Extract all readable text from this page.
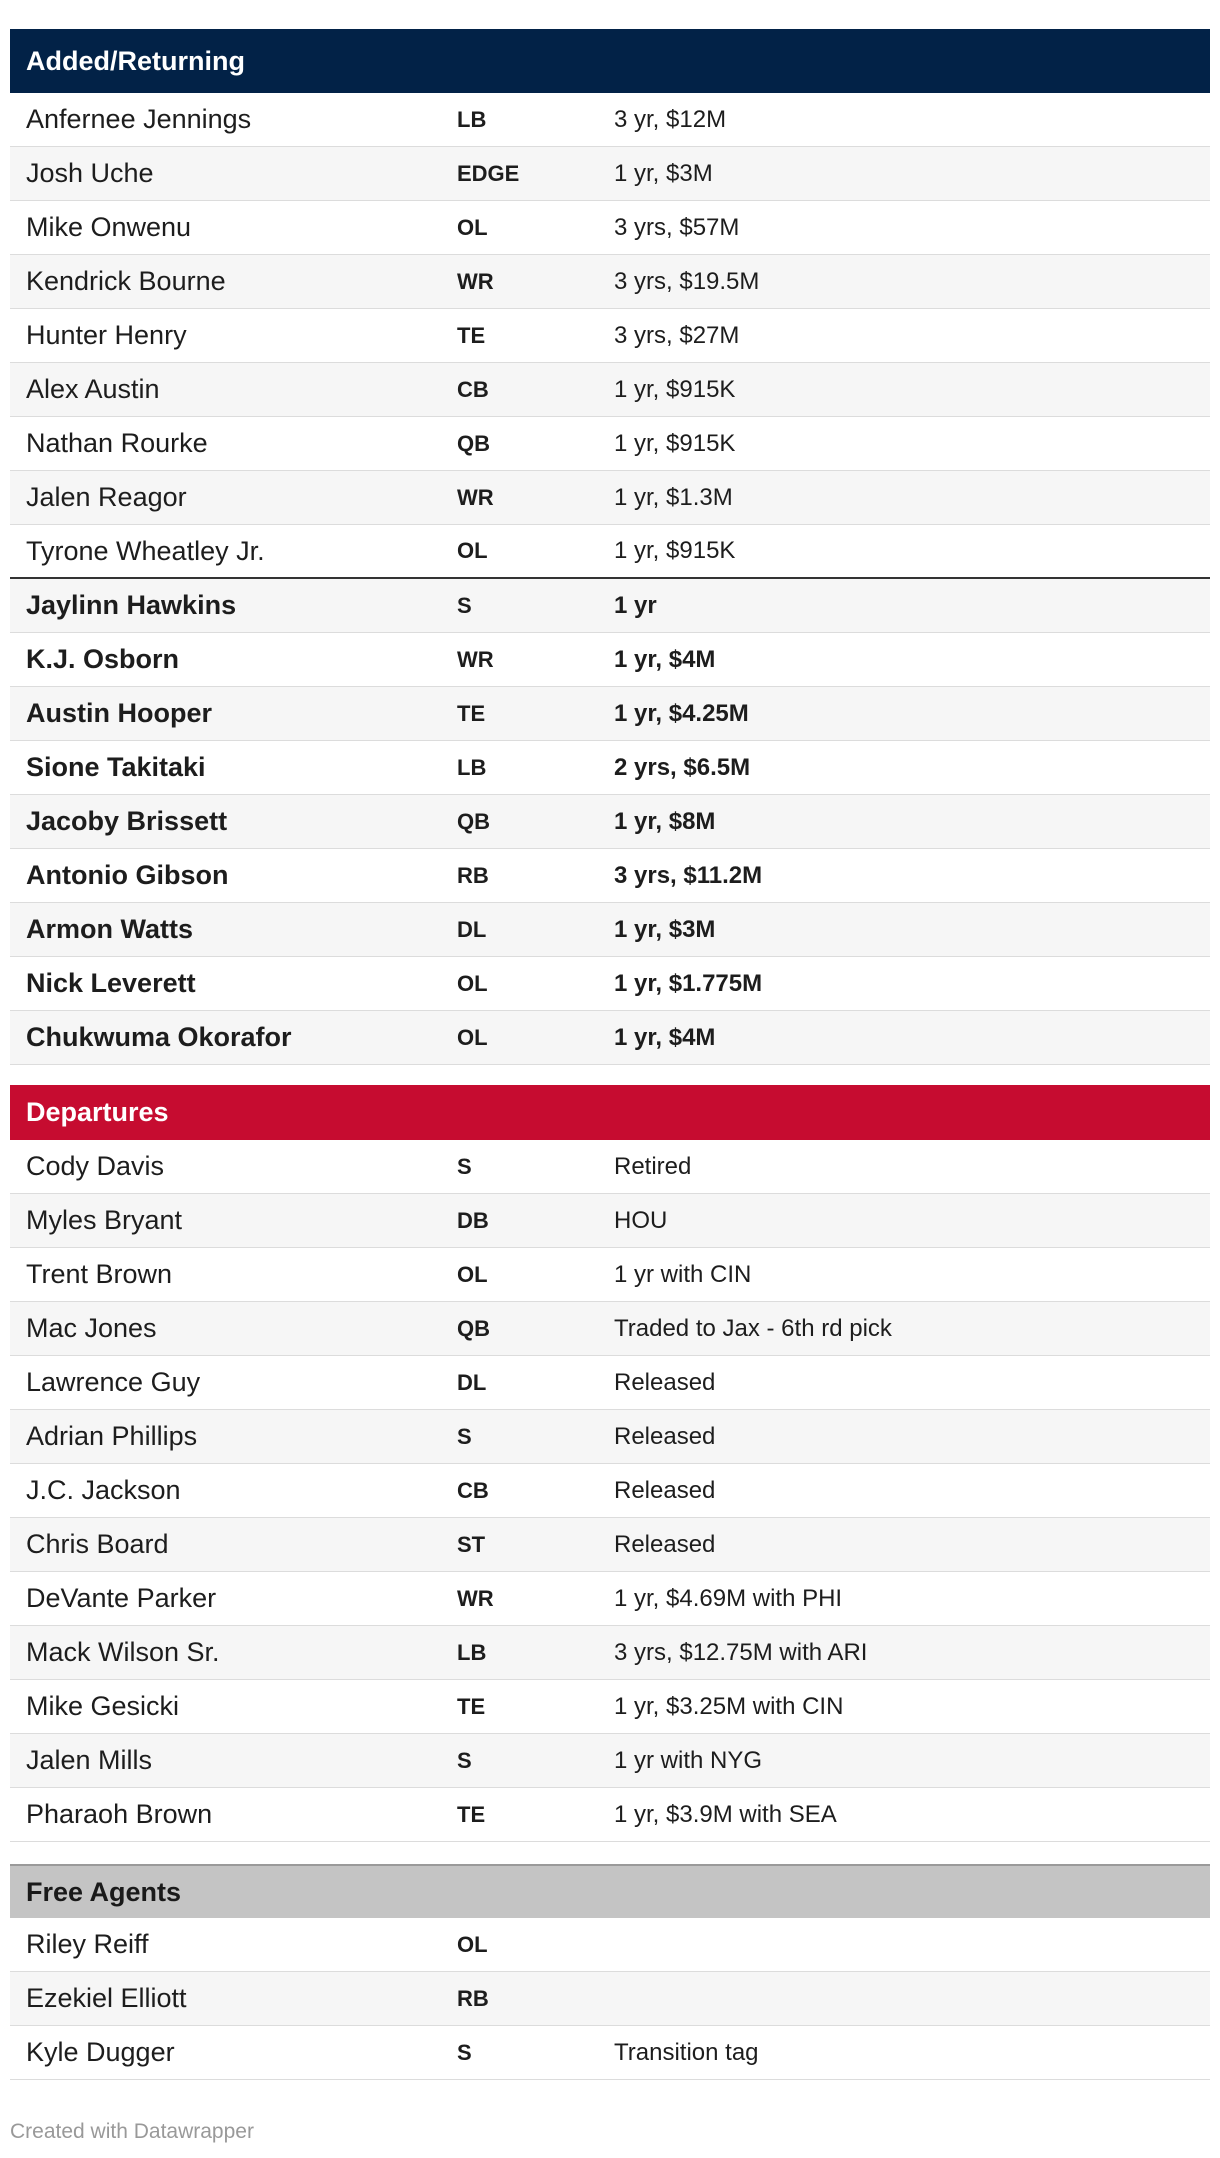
Added/Returning
Anfernee Jennings	LB	3 yr, $12M
Josh Uche	EDGE	1 yr, $3M
Mike Onwenu	OL	3 yrs, $57M
Kendrick Bourne	WR	3 yrs, $19.5M
Hunter Henry	TE	3 yrs, $27M
Alex Austin	CB	1 yr, $915K
Nathan Rourke	QB	1 yr, $915K
Jalen Reagor	WR	1 yr, $1.3M
Tyrone Wheatley Jr.	OL	1 yr, $915K
Jaylinn Hawkins	S	1 yr
K.J. Osborn	WR	1 yr, $4M
Austin Hooper	TE	1 yr, $4.25M
Sione Takitaki	LB	2 yrs, $6.5M
Jacoby Brissett	QB	1 yr, $8M
Antonio Gibson	RB	3 yrs, $11.2M
Armon Watts	DL	1 yr, $3M
Nick Leverett	OL	1 yr, $1.775M
Chukwuma Okorafor	OL	1 yr, $4M
Departures
Cody Davis	S	Retired
Myles Bryant	DB	HOU
Trent Brown	OL	1 yr with CIN
Mac Jones	QB	Traded to Jax - 6th rd pick
Lawrence Guy	DL	Released
Adrian Phillips	S	Released
J.C. Jackson	CB	Released
Chris Board	ST	Released
DeVante Parker	WR	1 yr, $4.69M with PHI
Mack Wilson Sr.	LB	3 yrs, $12.75M with ARI
Mike Gesicki	TE	1 yr, $3.25M with CIN
Jalen Mills	S	1 yr with NYG
Pharaoh Brown	TE	1 yr, $3.9M with SEA
Free Agents
Riley Reiff	OL
Ezekiel Elliott	RB
Kyle Dugger	S	Transition tag
Created with Datawrapper
